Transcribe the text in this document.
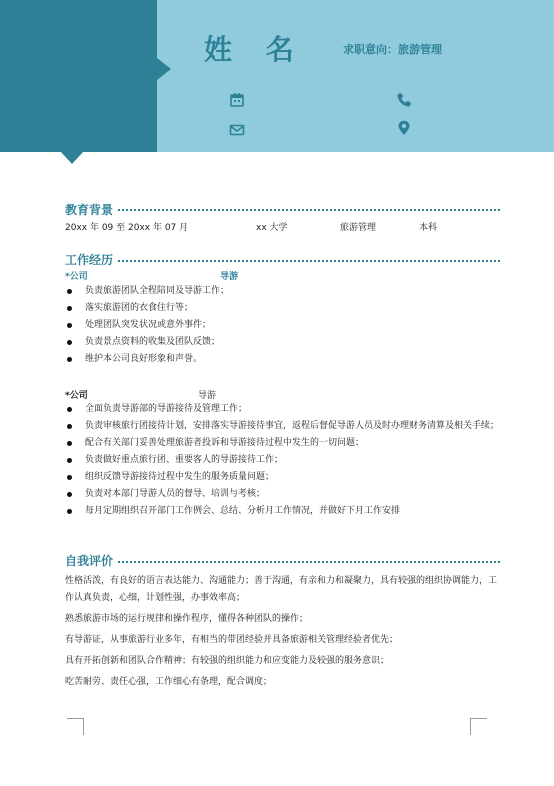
姓 名	求职意向：旅游管理
教育背景
20xx 年 09 至 20xx 年 07 月	xx 大学	旅游管理	本科
工作经历
*公司	导游
负责旅游团队全程陪同及导游工作；
落实旅游团的衣食住行等；
处理团队突发状况或意外事件；
负责景点资料的收集及团队反馈；
维护本公司良好形象和声誉。
*公司	导游
全面负责导游部的导游接待及管理工作；
负责审核旅行团接待计划，安排落实导游接待事宜，返程后督促导游人员及时办理财务清算及相关手续；
配合有关部门妥善处理旅游者投诉和导游接待过程中发生的一切问题；
负责做好重点旅行团、重要客人的导游接待工作；
组织反馈导游接待过程中发生的服务质量问题；
负责对本部门导游人员的督导、培训与考核；
每月定期组织召开部门工作例会、总结、分析月工作情况，并做好下月工作安排
自我评价

性格活泼，有良好的语言表达能力、沟通能力；善于沟通，有亲和力和凝聚力，具有较强的组织协调能力，工作认真负责，心细，计划性强，办事效率高；

熟悉旅游市场的运行规律和操作程序，懂得各种团队的操作；

有导游证，从事旅游行业多年，有相当的带团经验并具备旅游相关管理经验者优先；

具有开拓创新和团队合作精神；有较强的组织能力和应变能力及较强的服务意识；

吃苦耐劳、责任心强，工作细心有条理，配合调度；
